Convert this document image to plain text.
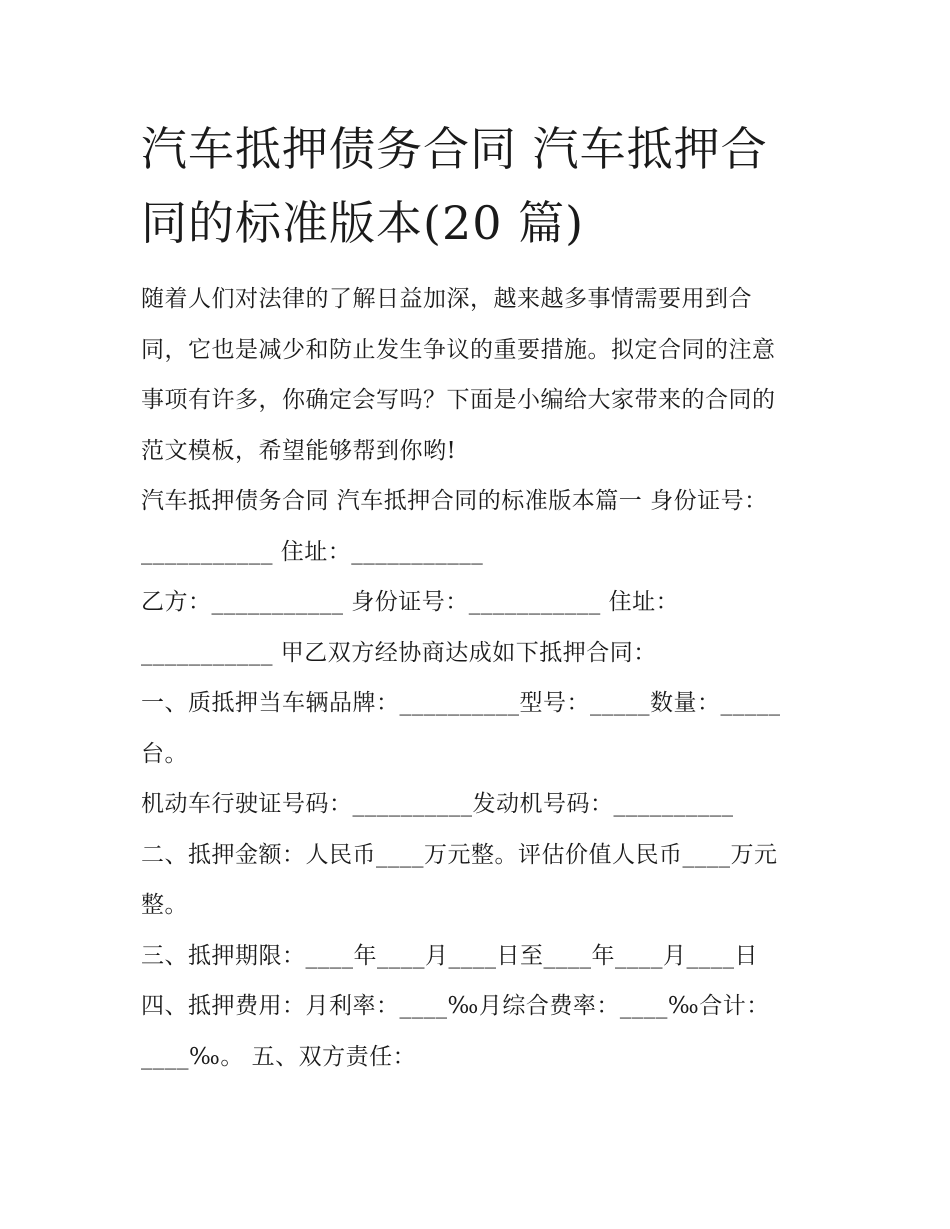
汽车抵押债务合同 汽车抵押合
同的标准版本(20 篇)

随着人们对法律的了解日益加深，越来越多事情需要用到合
同，它也是减少和防止发生争议的重要措施。拟定合同的注意
事项有许多，你确定会写吗？下面是小编给大家带来的合同的
范文模板，希望能够帮到你哟!

汽车抵押债务合同 汽车抵押合同的标准版本篇一 身份证号：
___________ 住址：___________

乙方：___________ 身份证号：___________ 住址：
___________ 甲乙双方经协商达成如下抵押合同：

一、质抵押当车辆品牌：__________型号：_____数量：_____
台。

机动车行驶证号码：__________发动机号码：__________

二、抵押金额：人民币____万元整。评估价值人民币____万元
整。

三、抵押期限：____年____月____日至____年____月____日

四、抵押费用：月利率：____‰月综合费率：____‰合计：
____‰。 五、双方责任：
